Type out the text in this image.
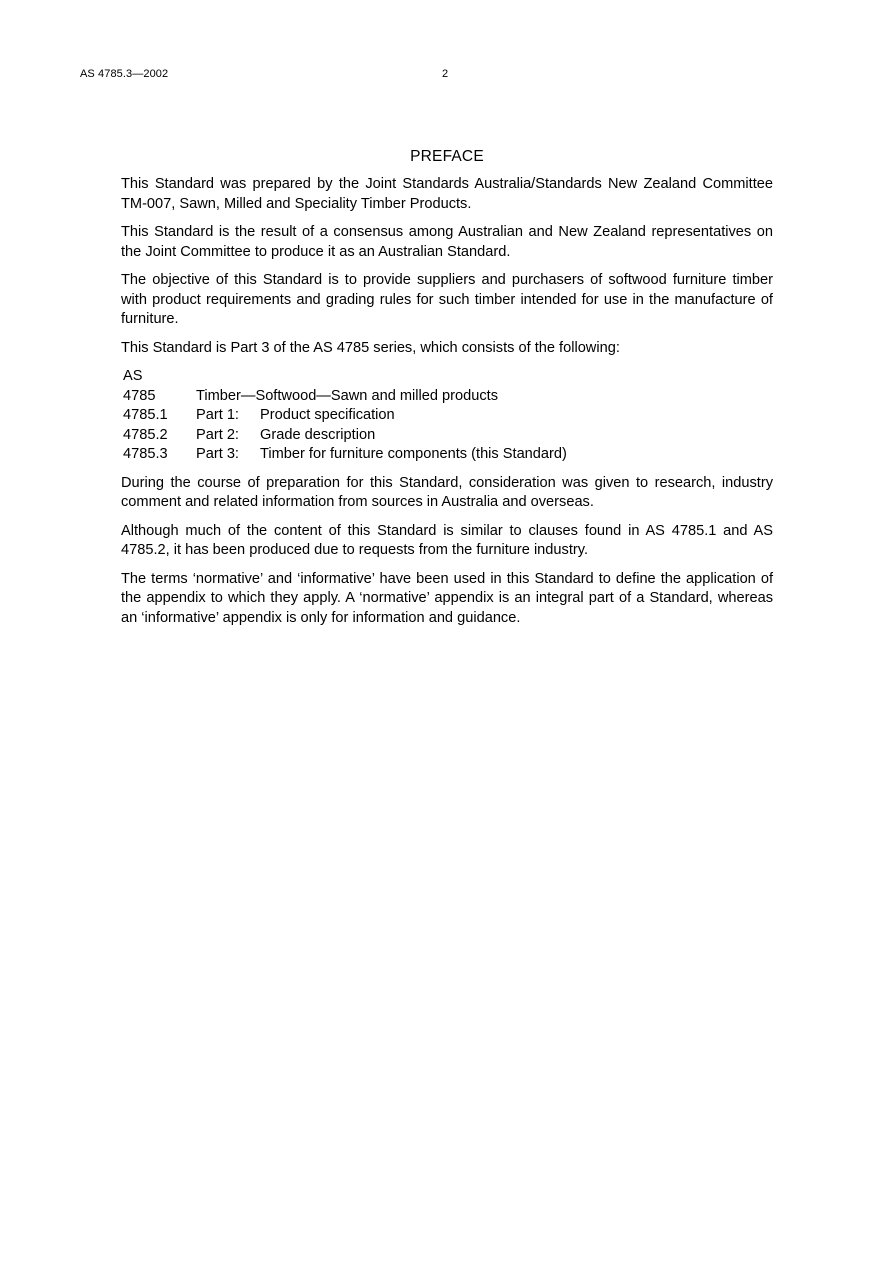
AS 4785.3—2002	2
PREFACE

This Standard was prepared by the Joint Standards Australia/Standards New Zealand Committee TM-007, Sawn, Milled and Speciality Timber Products.

This Standard is the result of a consensus among Australian and New Zealand representatives on the Joint Committee to produce it as an Australian Standard.

The objective of this Standard is to provide suppliers and purchasers of softwood furniture timber with product requirements and grading rules for such timber intended for use in the manufacture of furniture.

This Standard is Part 3 of the AS 4785 series, which consists of the following:

AS		
4785	Timber—Softwood—Sawn and milled products	
4785.1	Part 1:	Product specification
4785.2	Part 2:	Grade description
4785.3	Part 3:	Timber for furniture components (this Standard)

During the course of preparation for this Standard, consideration was given to research, industry comment and related information from sources in Australia and overseas.

Although much of the content of this Standard is similar to clauses found in AS 4785.1 and AS 4785.2, it has been produced due to requests from the furniture industry.

The terms ‘normative’ and ‘informative’ have been used in this Standard to define the application of the appendix to which they apply. A ‘normative’ appendix is an integral part of a Standard, whereas an ‘informative’ appendix is only for information and guidance.
